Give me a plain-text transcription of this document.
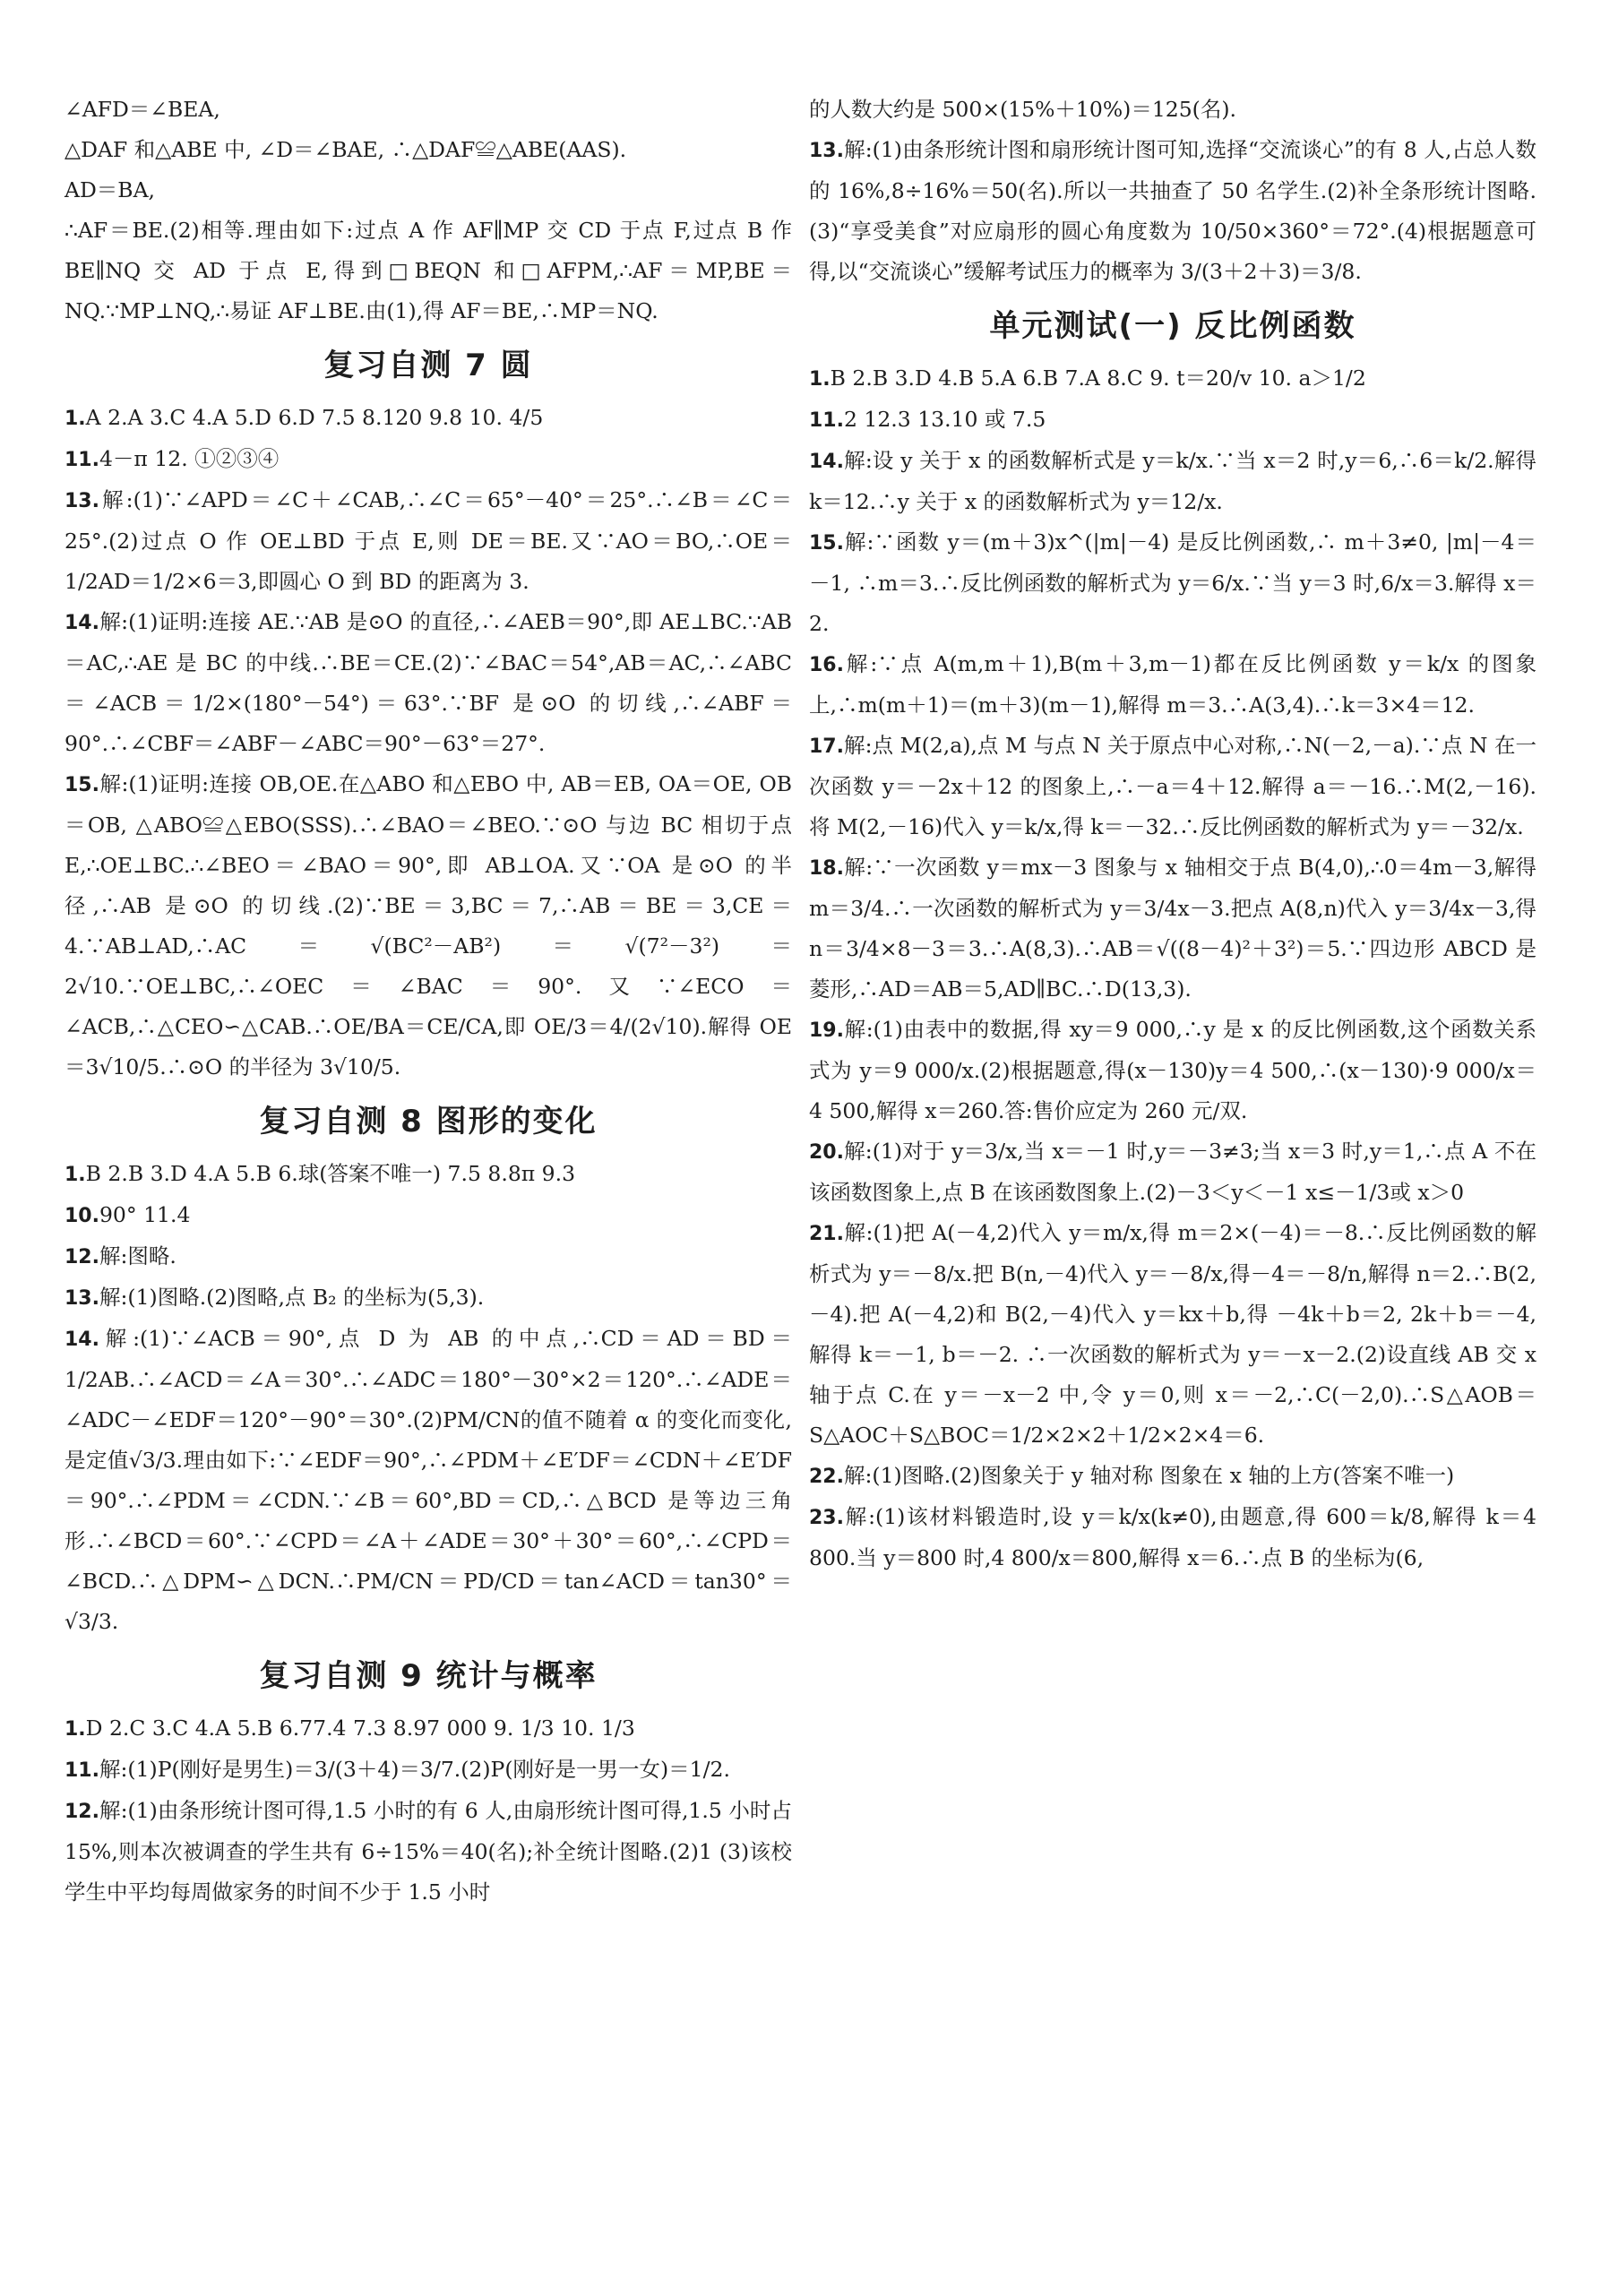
∠AFD＝∠BEA,

△DAF 和△ABE 中, ∠D＝∠BAE, ∴△DAF≌△ABE(AAS).

AD＝BA,

∴AF＝BE.(2)相等.理由如下:过点 A 作 AF∥MP 交 CD 于点 F,过点 B 作 BE∥NQ 交 AD 于点 E,得到□BEQN 和□AFPM,∴AF＝MP,BE＝NQ.∵MP⊥NQ,∴易证 AF⊥BE.由(1),得 AF＝BE,∴MP＝NQ.

复习自测 7 圆

1.A 2.A 3.C 4.A 5.D 6.D 7.5 8.120 9.8 10. 4/5

11.4－π 12. ①②③④

13.解:(1)∵∠APD＝∠C＋∠CAB,∴∠C＝65°－40°＝25°.∴∠B＝∠C＝25°.(2)过点 O 作 OE⊥BD 于点 E,则 DE＝BE.又∵AO＝BO,∴OE＝1/2AD＝1/2×6＝3,即圆心 O 到 BD 的距离为 3.

14.解:(1)证明:连接 AE.∵AB 是⊙O 的直径,∴∠AEB＝90°,即 AE⊥BC.∵AB＝AC,∴AE 是 BC 的中线.∴BE＝CE.(2)∵∠BAC＝54°,AB＝AC,∴∠ABC＝∠ACB＝1/2×(180°－54°)＝63°.∵BF 是⊙O 的切线,∴∠ABF＝90°.∴∠CBF＝∠ABF－∠ABC＝90°－63°＝27°.

15.解:(1)证明:连接 OB,OE.在△ABO 和△EBO 中, AB＝EB, OA＝OE, OB＝OB, △ABO≌△EBO(SSS).∴∠BAO＝∠BEO.∵⊙O 与边 BC 相切于点 E,∴OE⊥BC.∴∠BEO＝∠BAO＝90°,即 AB⊥OA.又∵OA 是⊙O 的半径,∴AB 是⊙O 的切线.(2)∵BE＝3,BC＝7,∴AB＝BE＝3,CE＝4.∵AB⊥AD,∴AC＝√(BC²－AB²)＝√(7²－3²)＝2√10.∵OE⊥BC,∴∠OEC＝∠BAC＝90°.又∵∠ECO＝∠ACB,∴△CEO∽△CAB.∴OE/BA＝CE/CA,即 OE/3＝4/(2√10).解得 OE＝3√10/5.∴⊙O 的半径为 3√10/5.

复习自测 8 图形的变化

1.B 2.B 3.D 4.A 5.B 6.球(答案不唯一) 7.5 8.8π 9.3

10.90° 11.4

12.解:图略.

13.解:(1)图略.(2)图略,点 B₂ 的坐标为(5,3).

14.解:(1)∵∠ACB＝90°,点 D 为 AB 的中点,∴CD＝AD＝BD＝1/2AB.∴∠ACD＝∠A＝30°.∴∠ADC＝180°－30°×2＝120°.∴∠ADE＝∠ADC－∠EDF＝120°－90°＝30°.(2)PM/CN的值不随着 α 的变化而变化,是定值√3/3.理由如下:∵∠EDF＝90°,∴∠PDM＋∠E′DF＝∠CDN＋∠E′DF＝90°.∴∠PDM＝∠CDN.∵∠B＝60°,BD＝CD,∴△BCD 是等边三角形.∴∠BCD＝60°.∵∠CPD＝∠A＋∠ADE＝30°＋30°＝60°,∴∠CPD＝∠BCD.∴△DPM∽△DCN.∴PM/CN＝PD/CD＝tan∠ACD＝tan30°＝√3/3.

复习自测 9 统计与概率

1.D 2.C 3.C 4.A 5.B 6.77.4 7.3 8.97 000 9. 1/3 10. 1/3

11.解:(1)P(刚好是男生)＝3/(3＋4)＝3/7.(2)P(刚好是一男一女)＝1/2.

12.解:(1)由条形统计图可得,1.5 小时的有 6 人,由扇形统计图可得,1.5 小时占 15%,则本次被调查的学生共有 6÷15%＝40(名);补全统计图略.(2)1 (3)该校学生中平均每周做家务的时间不少于 1.5 小时

的人数大约是 500×(15%＋10%)＝125(名).

13.解:(1)由条形统计图和扇形统计图可知,选择“交流谈心”的有 8 人,占总人数的 16%,8÷16%＝50(名).所以一共抽查了 50 名学生.(2)补全条形统计图略.(3)“享受美食”对应扇形的圆心角度数为 10/50×360°＝72°.(4)根据题意可得,以“交流谈心”缓解考试压力的概率为 3/(3＋2＋3)＝3/8.

单元测试(一) 反比例函数

1.B 2.B 3.D 4.B 5.A 6.B 7.A 8.C 9. t＝20/v 10. a＞1/2

11.2 12.3 13.10 或 7.5

14.解:设 y 关于 x 的函数解析式是 y＝k/x.∵当 x＝2 时,y＝6,∴6＝k/2.解得 k＝12.∴y 关于 x 的函数解析式为 y＝12/x.

15.解:∵函数 y＝(m＋3)x^(|m|－4) 是反比例函数,∴ m＋3≠0, |m|－4＝－1, ∴m＝3.∴反比例函数的解析式为 y＝6/x.∵当 y＝3 时,6/x＝3.解得 x＝2.

16.解:∵点 A(m,m＋1),B(m＋3,m－1)都在反比例函数 y＝k/x 的图象上,∴m(m＋1)＝(m＋3)(m－1),解得 m＝3.∴A(3,4).∴k＝3×4＝12.

17.解:点 M(2,a),点 M 与点 N 关于原点中心对称,∴N(－2,－a).∵点 N 在一次函数 y＝－2x＋12 的图象上,∴－a＝4＋12.解得 a＝－16.∴M(2,－16).将 M(2,－16)代入 y＝k/x,得 k＝－32.∴反比例函数的解析式为 y＝－32/x.

18.解:∵一次函数 y＝mx－3 图象与 x 轴相交于点 B(4,0),∴0＝4m－3,解得 m＝3/4.∴一次函数的解析式为 y＝3/4x－3.把点 A(8,n)代入 y＝3/4x－3,得 n＝3/4×8－3＝3.∴A(8,3).∴AB＝√((8－4)²＋3²)＝5.∵四边形 ABCD 是菱形,∴AD＝AB＝5,AD∥BC.∴D(13,3).

19.解:(1)由表中的数据,得 xy＝9 000,∴y 是 x 的反比例函数,这个函数关系式为 y＝9 000/x.(2)根据题意,得(x－130)y＝4 500,∴(x－130)·9 000/x＝4 500,解得 x＝260.答:售价应定为 260 元/双.

20.解:(1)对于 y＝3/x,当 x＝－1 时,y＝－3≠3;当 x＝3 时,y＝1,∴点 A 不在该函数图象上,点 B 在该函数图象上.(2)－3＜y＜－1 x≤－1/3或 x＞0

21.解:(1)把 A(－4,2)代入 y＝m/x,得 m＝2×(－4)＝－8.∴反比例函数的解析式为 y＝－8/x.把 B(n,－4)代入 y＝－8/x,得－4＝－8/n,解得 n＝2.∴B(2,－4).把 A(－4,2)和 B(2,－4)代入 y＝kx＋b,得 －4k＋b＝2, 2k＋b＝－4, 解得 k＝－1, b＝－2. ∴一次函数的解析式为 y＝－x－2.(2)设直线 AB 交 x 轴于点 C.在 y＝－x－2 中,令 y＝0,则 x＝－2,∴C(－2,0).∴S△AOB＝S△AOC＋S△BOC＝1/2×2×2＋1/2×2×4＝6.

22.解:(1)图略.(2)图象关于 y 轴对称 图象在 x 轴的上方(答案不唯一)

23.解:(1)该材料锻造时,设 y＝k/x(k≠0),由题意,得 600＝k/8,解得 k＝4 800.当 y＝800 时,4 800/x＝800,解得 x＝6.∴点 B 的坐标为(6,
